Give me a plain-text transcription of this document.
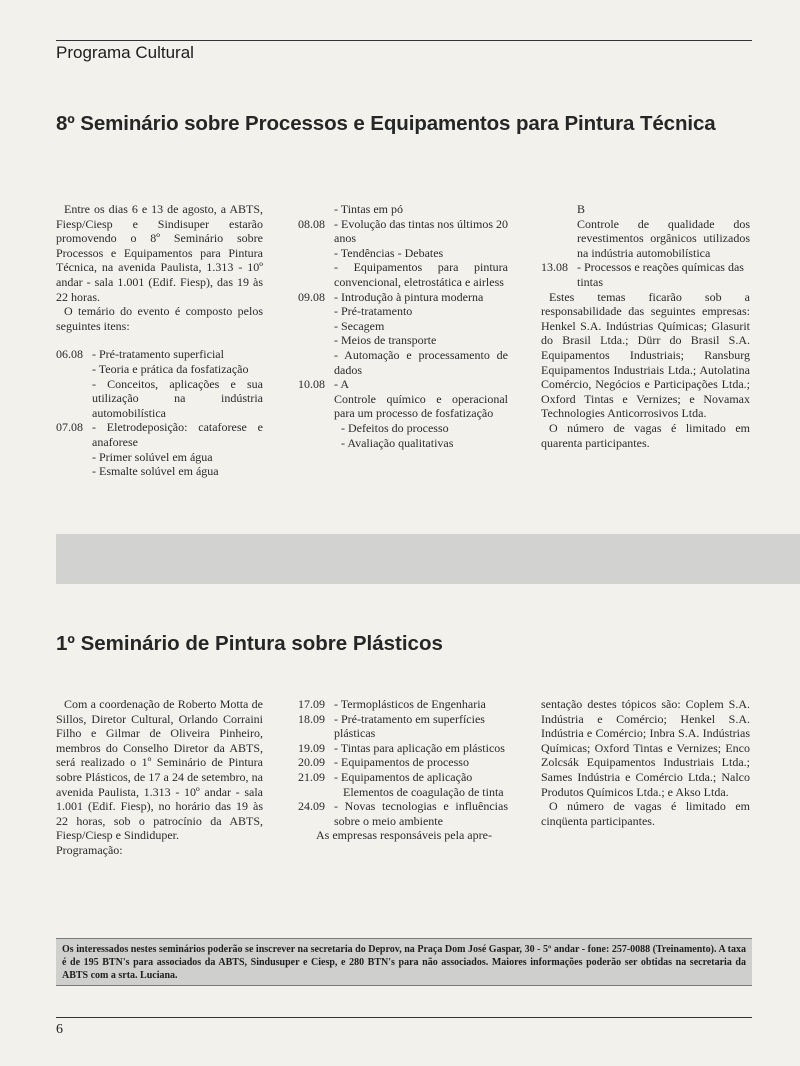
Programa Cultural
8º Seminário sobre Processos e Equipamentos para Pintura Técnica

Entre os dias 6 e 13 de agosto, a ABTS, Fiesp/Ciesp e Sindisuper estarão promovendo o 8º Seminário sobre Processos e Equipamentos para Pintura Técnica, na avenida Paulista, 1.313 - 10º andar - sala 1.001 (Edif. Fiesp), das 19 às 22 horas.

O temário do evento é composto pelos seguintes itens:

06.08 - Pré-tratamento superficial

- Teoria e prática da fosfatização

- Conceitos, aplicações e sua utilização na indústria automobilística

07.08 - Eletrodeposição: cataforese e anaforese

- Primer solúvel em água

- Esmalte solúvel em água

- Tintas em pó

08.08 - Evolução das tintas nos últimos 20 anos

- Tendências - Debates

- Equipamentos para pintura convencional, eletrostática e airless

09.08 - Introdução à pintura moderna

- Pré-tratamento

- Secagem

- Meios de transporte

- Automação e processamento de dados

10.08 - A

Controle químico e operacional para um processo de fosfatização

- Defeitos do processo

- Avaliação qualitativas

B

Controle de qualidade dos revestimentos orgânicos utilizados na indústria automobilística

13.08 - Processos e reações químicas das tintas

Estes temas ficarão sob a responsabilidade das seguintes empresas: Henkel S.A. Indústrias Químicas; Glasurit do Brasil Ltda.; Dürr do Brasil S.A. Equipamentos Industriais; Ransburg Equipamentos Industriais Ltda.; Autolatina Comércio, Negócios e Participações Ltda.; Oxford Tintas e Vernizes; e Novamax Technologies Anticorrosivos Ltda.

O número de vagas é limitado em quarenta participantes.

1º Seminário de Pintura sobre Plásticos

Com a coordenação de Roberto Motta de Sillos, Diretor Cultural, Orlando Corraini Filho e Gilmar de Oliveira Pinheiro, membros do Conselho Diretor da ABTS, será realizado o 1º Seminário de Pintura sobre Plásticos, de 17 a 24 de setembro, na avenida Paulista, 1.313 - 10º andar - sala 1.001 (Edif. Fiesp), no horário das 19 às 22 horas, sob o patrocínio da ABTS, Fiesp/Ciesp e Sindiduper.

Programação:

17.09 - Termoplásticos de Engenharia
18.09 - Pré-tratamento em superfícies plásticas
19.09 - Tintas para aplicação em plásticos
20.09 - Equipamentos de processo
21.09 - Equipamentos de aplicação

Elementos de coagulação de tinta

24.09 - Novas tecnologias e influências sobre o meio ambiente

As empresas responsáveis pela apre-

sentação destes tópicos são: Coplem S.A. Indústria e Comércio; Henkel S.A. Indústria e Comércio; Inbra S.A. Indústrias Químicas; Oxford Tintas e Vernizes; Enco Zolcsák Equipamentos Industriais Ltda.; Sames Indústria e Comércio Ltda.; Nalco Produtos Químicos Ltda.; e Akso Ltda.

O número de vagas é limitado em cinqüenta participantes.

Os interessados nestes seminários poderão se inscrever na secretaria do Deprov, na Praça Dom José Gaspar, 30 - 5º andar - fone: 257-0088 (Treinamento). A taxa é de 195 BTN's para associados da ABTS, Sindusuper e Ciesp, e 280 BTN's para não associados. Maiores informações poderão ser obtidas na secretaria da ABTS com a srta. Luciana.
6
